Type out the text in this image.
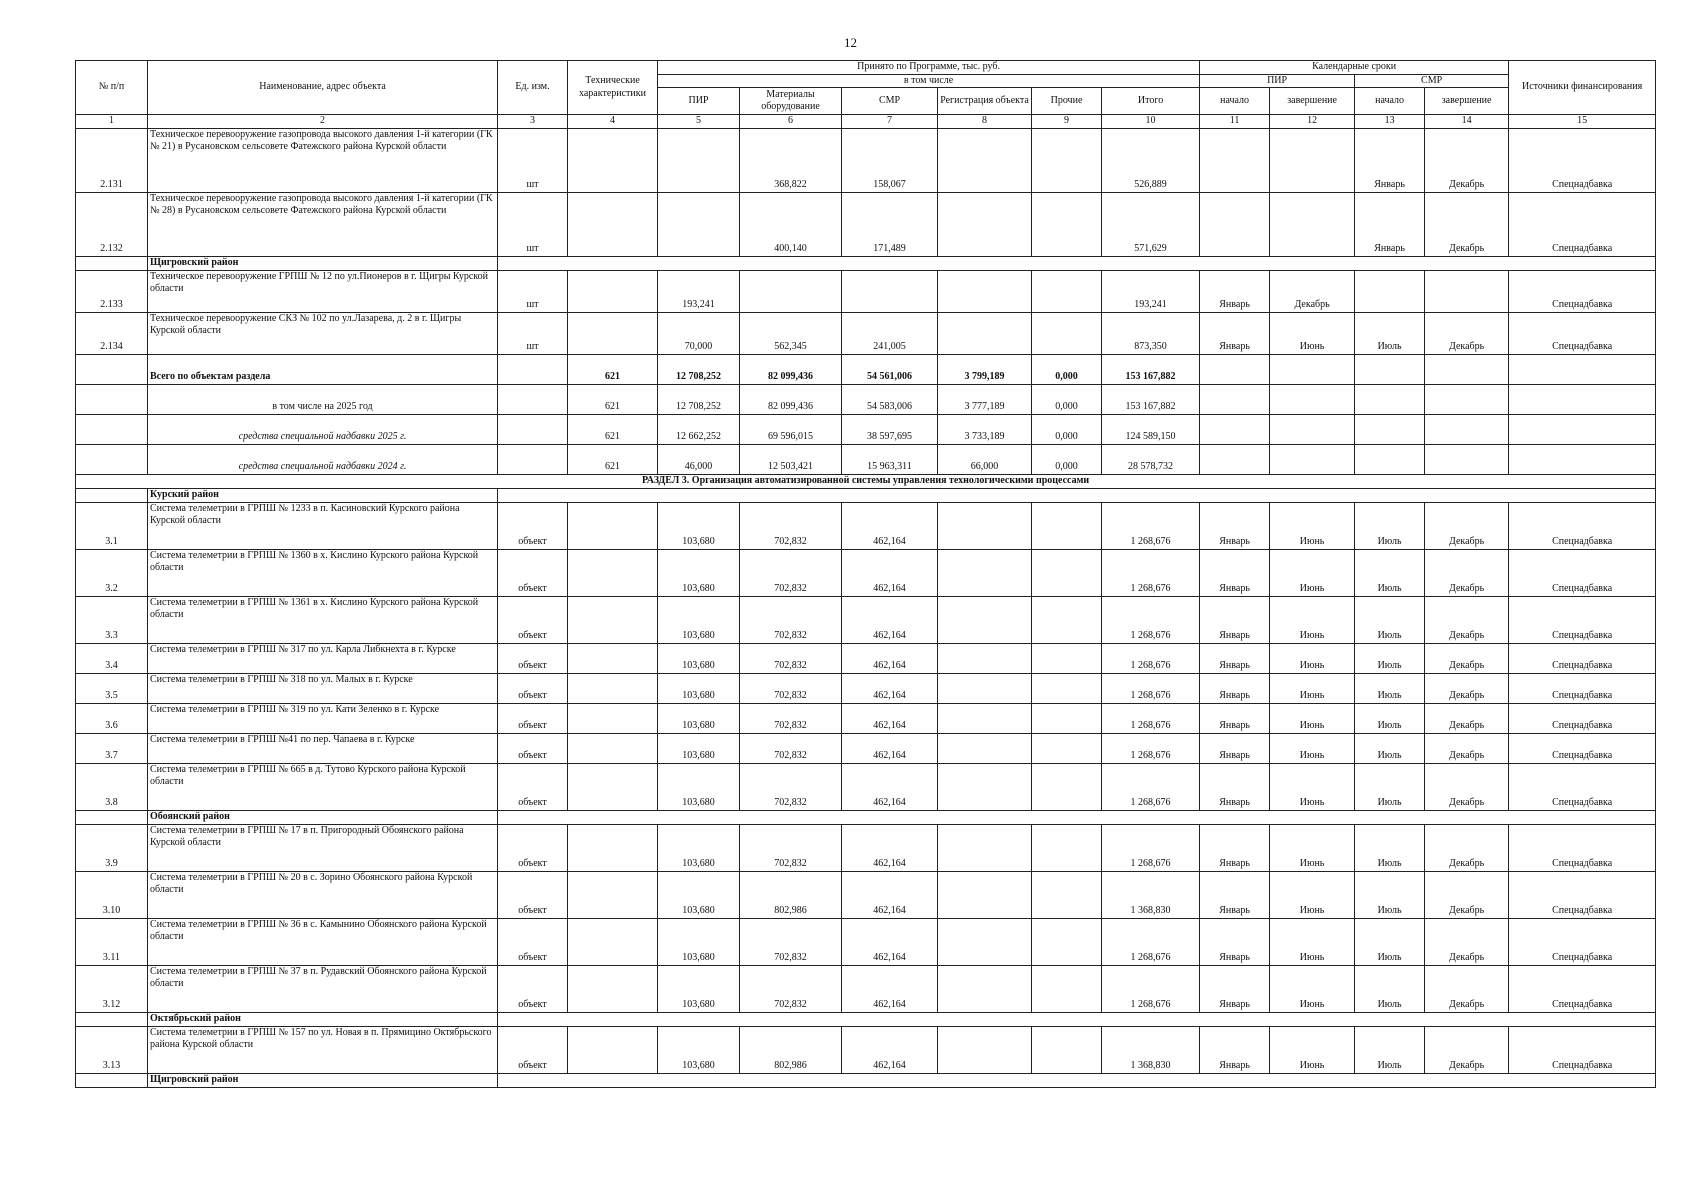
12
№ п/п	Наименование, адрес объекта	Ед. изм.	Технические характеристики	Принято по Программе, тыс. руб.						Календарные сроки				Источники финансирования
				в том числе						ПИР		СМР		
				ПИР	Материалы оборудование	СМР	Регистрация объекта	Прочие	Итого	начало	завершение	начало	завершение	
1	2	3	4	5	6	7	8	9	10	11	12	13	14	15
2.131	Техническое перевооружение газопровода высокого давления 1-й категории (ГК № 21) в Русановском сельсовете Фатежского района Курской области	шт			368,822	158,067			526,889			Январь	Декабрь	Спецнадбавка
2.132	Техническое перевооружение газопровода высокого давления 1-й категории (ГК № 28) в Русановском сельсовете Фатежского района Курской области	шт			400,140	171,489			571,629			Январь	Декабрь	Спецнадбавка
	Щигровский район													
2.133	Техническое перевооружение ГРПШ № 12 по ул.Пионеров в г. Щигры Курской области	шт		193,241					193,241	Январь	Декабрь			Спецнадбавка
2.134	Техническое перевооружение СКЗ № 102 по ул.Лазарева, д. 2 в г. Щигры Курской области	шт		70,000	562,345	241,005			873,350	Январь	Июнь	Июль	Декабрь	Спецнадбавка
	Всего по объектам раздела		621	12 708,252	82 099,436	54 561,006	3 799,189	0,000	153 167,882					
	в том числе на 2025 год		621	12 708,252	82 099,436	54 583,006	3 777,189	0,000	153 167,882					
	средства специальной надбавки 2025 г.		621	12 662,252	69 596,015	38 597,695	3 733,189	0,000	124 589,150					
	средства специальной надбавки 2024 г.		621	46,000	12 503,421	15 963,311	66,000	0,000	28 578,732					
РАЗДЕЛ 3. Организация автоматизированной системы управления технологическими процессами														
	Курский район													
3.1	Система телеметрии в ГРПШ № 1233 в п. Касиновский Курского района Курской области	объект		103,680	702,832	462,164			1 268,676	Январь	Июнь	Июль	Декабрь	Спецнадбавка
3.2	Система телеметрии в ГРПШ № 1360 в х. Кислино Курского района Курской области	объект		103,680	702,832	462,164			1 268,676	Январь	Июнь	Июль	Декабрь	Спецнадбавка
3.3	Система телеметрии в ГРПШ № 1361 в х. Кислино Курского района Курской области	объект		103,680	702,832	462,164			1 268,676	Январь	Июнь	Июль	Декабрь	Спецнадбавка
3.4	Система телеметрии в ГРПШ № 317 по ул. Карла Либкнехта в г. Курске	объект		103,680	702,832	462,164			1 268,676	Январь	Июнь	Июль	Декабрь	Спецнадбавка
3.5	Система телеметрии в ГРПШ № 318 по ул. Малых в г. Курске	объект		103,680	702,832	462,164			1 268,676	Январь	Июнь	Июль	Декабрь	Спецнадбавка
3.6	Система телеметрии в ГРПШ № 319 по ул. Кати Зеленко в г. Курске	объект		103,680	702,832	462,164			1 268,676	Январь	Июнь	Июль	Декабрь	Спецнадбавка
3.7	Система телеметрии в ГРПШ №41 по пер. Чапаева в г. Курске	объект		103,680	702,832	462,164			1 268,676	Январь	Июнь	Июль	Декабрь	Спецнадбавка
3.8	Система телеметрии в ГРПШ № 665 в д. Тутово Курского района Курской области	объект		103,680	702,832	462,164			1 268,676	Январь	Июнь	Июль	Декабрь	Спецнадбавка
	Обоянский район													
3.9	Система телеметрии в ГРПШ № 17 в п. Пригородный Обоянского района Курской области	объект		103,680	702,832	462,164			1 268,676	Январь	Июнь	Июль	Декабрь	Спецнадбавка
3.10	Система телеметрии в ГРПШ № 20 в с. Зорино Обоянского района Курской области	объект		103,680	802,986	462,164			1 368,830	Январь	Июнь	Июль	Декабрь	Спецнадбавка
3.11	Система телеметрии в ГРПШ № 36 в с. Камынино Обоянского района Курской области	объект		103,680	702,832	462,164			1 268,676	Январь	Июнь	Июль	Декабрь	Спецнадбавка
3.12	Система телеметрии в ГРПШ № 37 в п. Рудавский Обоянского района Курской области	объект		103,680	702,832	462,164			1 268,676	Январь	Июнь	Июль	Декабрь	Спецнадбавка
	Октябрьский район													
3.13	Система телеметрии в ГРПШ № 157 по ул. Новая в п. Прямицино Октябрьского района Курской области	объект		103,680	802,986	462,164			1 368,830	Январь	Июнь	Июль	Декабрь	Спецнадбавка
	Щигровский район													
